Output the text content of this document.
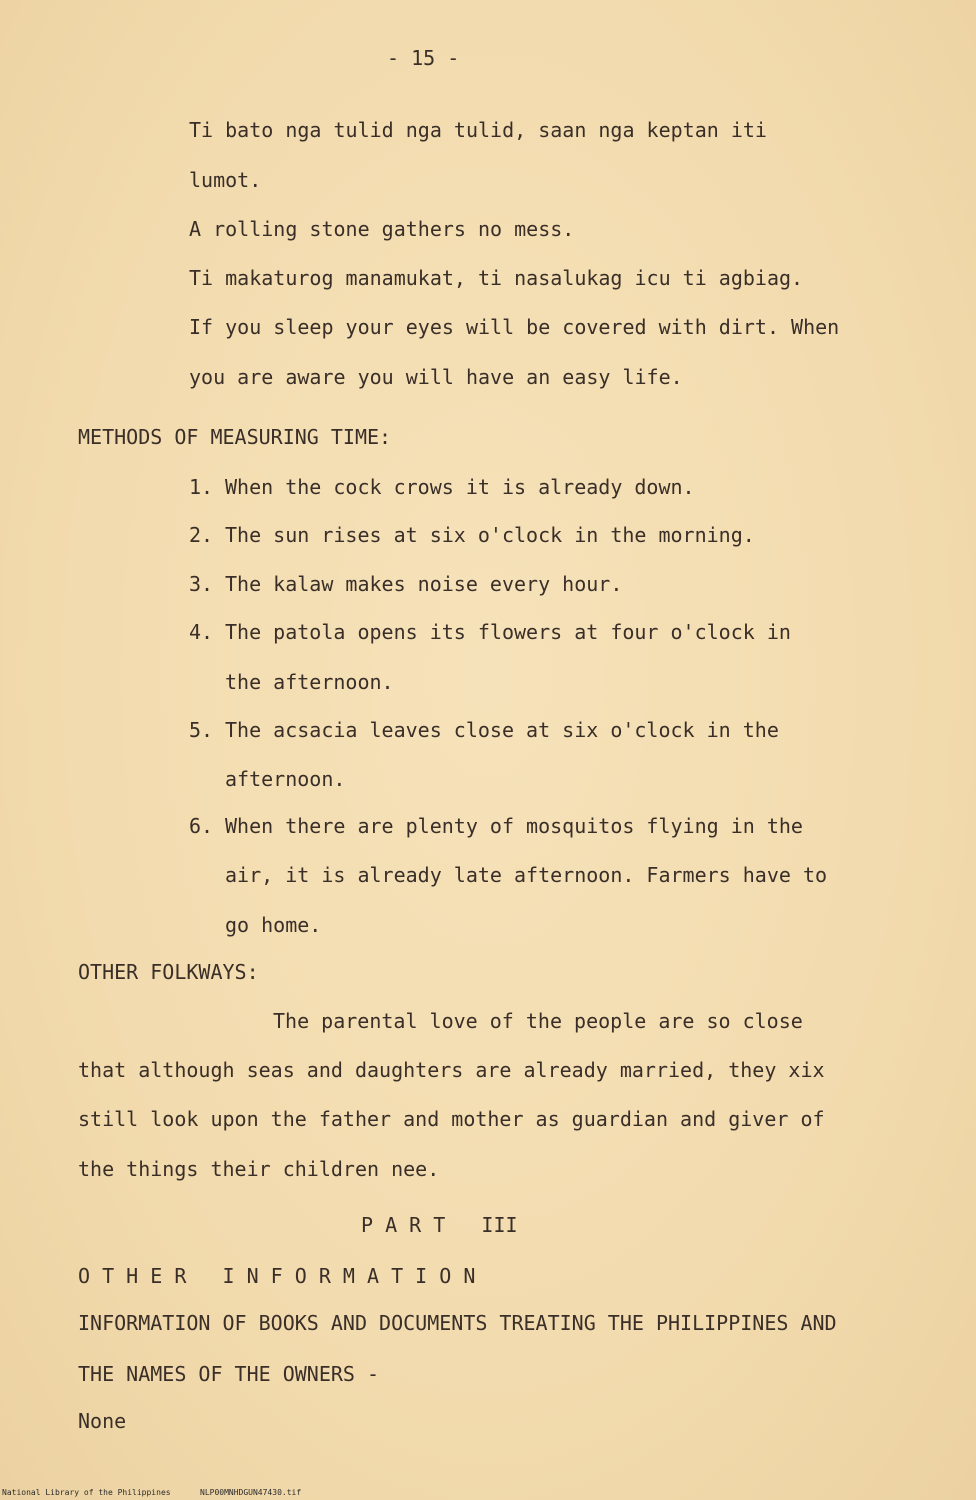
- 15 -
Ti bato nga tulid nga tulid, saan nga keptan iti
lumot.
A rolling stone gathers no mess.
Ti makaturog manamukat, ti nasalukag icu ti agbiag.
If you sleep your eyes will be covered with dirt. When
you are aware you will have an easy life.
METHODS OF MEASURING TIME:
1. When the cock crows it is already down.
2. The sun rises at six o'clock in the morning.
3. The kalaw makes noise every hour.
4. The patola opens its flowers at four o'clock in
the afternoon.
5. The acsacia leaves close at six o'clock in the
afternoon.
6. When there are plenty of mosquitos flying in the
air, it is already late afternoon. Farmers have to
go home.
OTHER FOLKWAYS:
The parental love of the people are so close
that although seas and daughters are already married, they xix
still look upon the father and mother as guardian and giver of
the things their children nee.
P A R T   III
O T H E R   I N F O R M A T I O N
INFORMATION OF BOOKS AND DOCUMENTS TREATING THE PHILIPPINES AND
THE NAMES OF THE OWNERS -
None
National Library of the Philippines	NLP00MNHDGUN47430.tif
